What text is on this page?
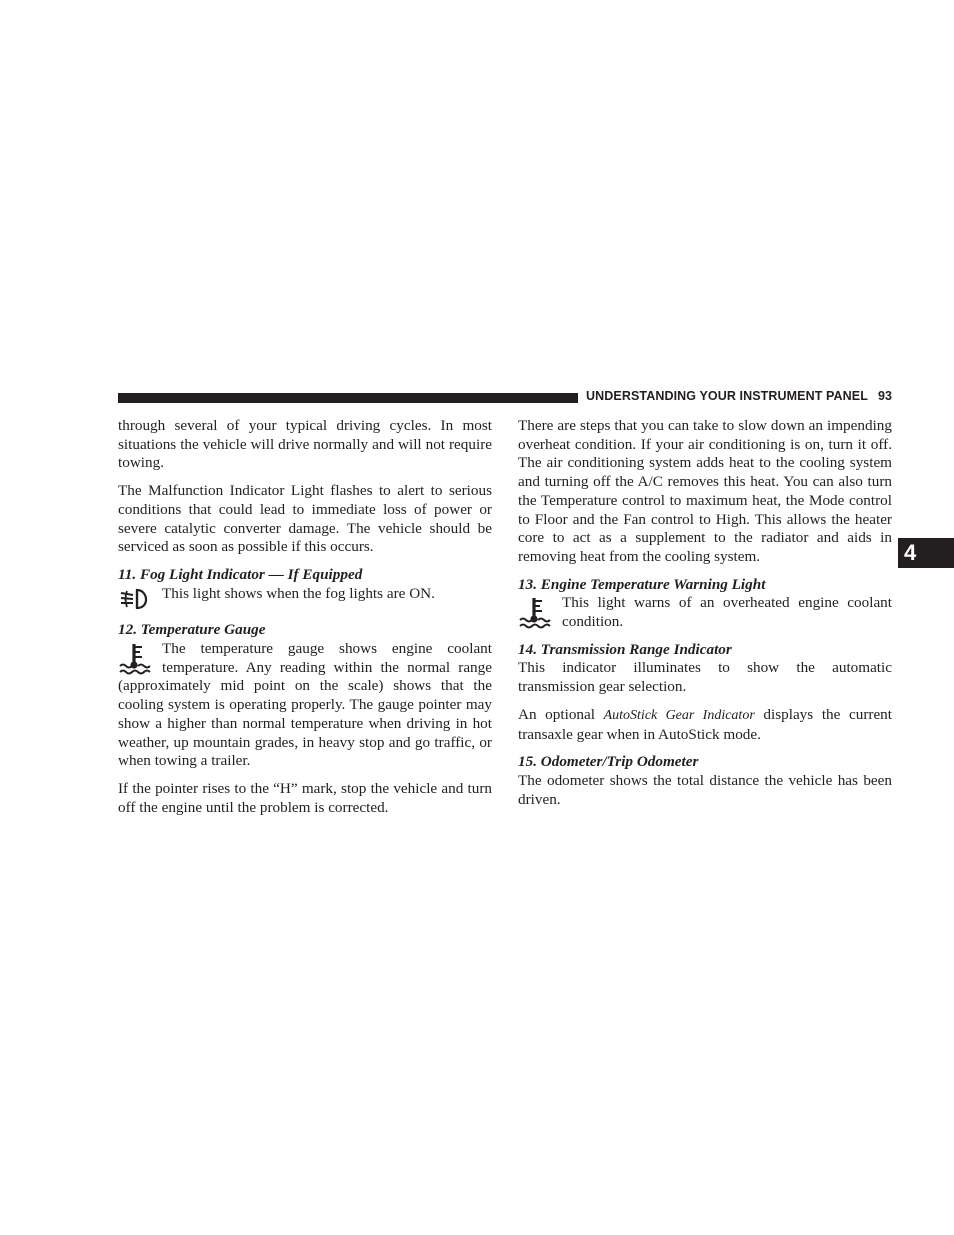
UNDERSTANDING YOUR INSTRUMENT PANEL 93
4

through several of your typical driving cycles. In most situations the vehicle will drive normally and will not require towing.

The Malfunction Indicator Light flashes to alert to serious conditions that could lead to immediate loss of power or severe catalytic converter damage. The vehicle should be serviced as soon as possible if this occurs.

11. Fog Light Indicator — If Equipped
This light shows when the fog lights are ON.
12. Temperature Gauge
The temperature gauge shows engine coolant temperature. Any reading within the normal range (approximately mid point on the scale) shows that the cooling system is operating properly. The gauge pointer may show a higher than normal temperature when driving in hot weather, up mountain grades, in heavy stop and go traffic, or when towing a trailer.

If the pointer rises to the “H” mark, stop the vehicle and turn off the engine until the problem is corrected.

There are steps that you can take to slow down an impending overheat condition. If your air conditioning is on, turn it off. The air conditioning system adds heat to the cooling system and turning off the A/C removes this heat. You can also turn the Temperature control to maximum heat, the Mode control to Floor and the Fan control to High. This allows the heater core to act as a supplement to the radiator and aids in removing heat from the cooling system.

13. Engine Temperature Warning Light
This light warns of an overheated engine coolant condition.
14. Transmission Range Indicator

This indicator illuminates to show the automatic transmission gear selection.

An optional AutoStick Gear Indicator displays the current transaxle gear when in AutoStick mode.

15. Odometer/Trip Odometer

The odometer shows the total distance the vehicle has been driven.
